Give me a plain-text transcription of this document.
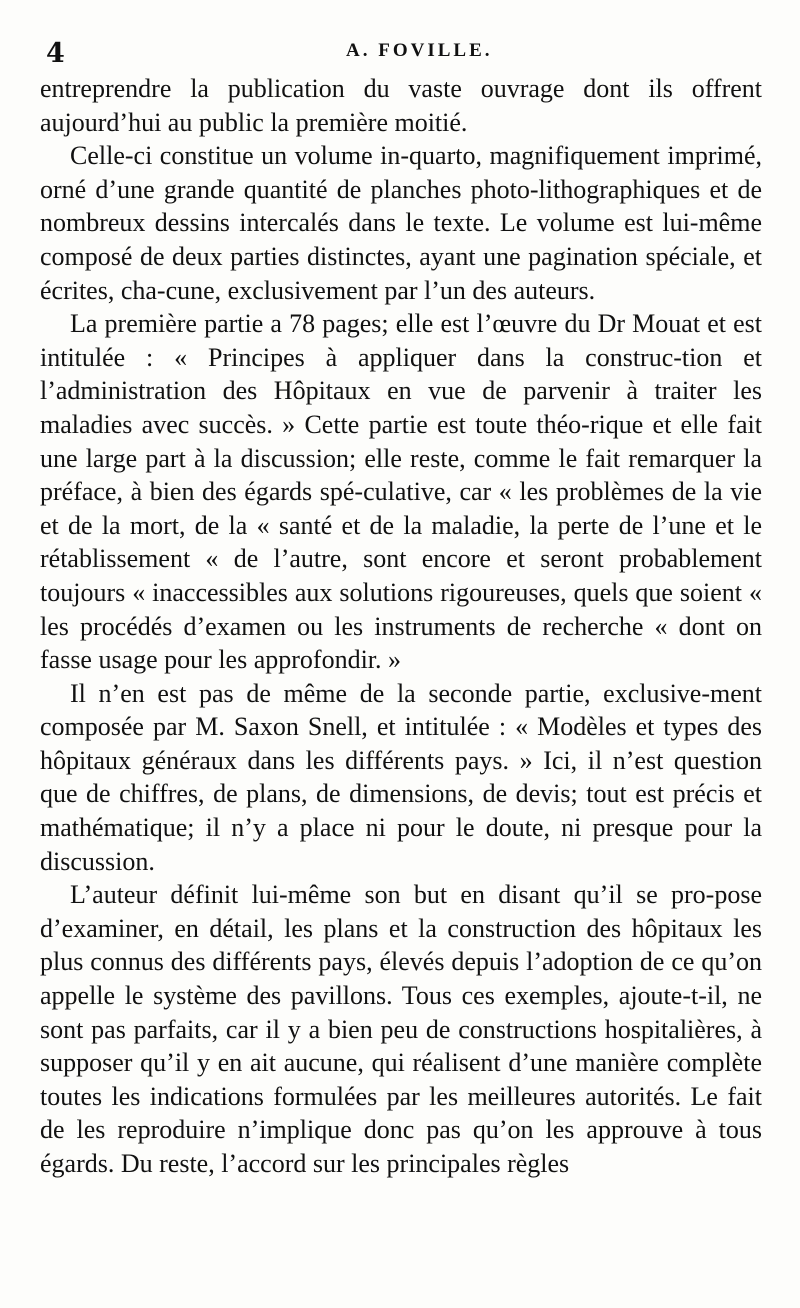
4	A. FOVILLE.

entreprendre la publication du vaste ouvrage dont ils offrent aujourd’hui au public la première moitié.

Celle-ci constitue un volume in-quarto, magnifiquement imprimé, orné d’une grande quantité de planches photo-lithographiques et de nombreux dessins intercalés dans le texte. Le volume est lui-même composé de deux parties distinctes, ayant une pagination spéciale, et écrites, cha-cune, exclusivement par l’un des auteurs.

La première partie a 78 pages; elle est l’œuvre du Dr Mouat et est intitulée : « Principes à appliquer dans la construc-tion et l’administration des Hôpitaux en vue de parvenir à traiter les maladies avec succès. » Cette partie est toute théo-rique et elle fait une large part à la discussion; elle reste, comme le fait remarquer la préface, à bien des égards spé-culative, car « les problèmes de la vie et de la mort, de la « santé et de la maladie, la perte de l’une et le rétablissement « de l’autre, sont encore et seront probablement toujours « inaccessibles aux solutions rigoureuses, quels que soient « les procédés d’examen ou les instruments de recherche « dont on fasse usage pour les approfondir. »

Il n’en est pas de même de la seconde partie, exclusive-ment composée par M. Saxon Snell, et intitulée : « Modèles et types des hôpitaux généraux dans les différents pays. » Ici, il n’est question que de chiffres, de plans, de dimensions, de devis; tout est précis et mathématique; il n’y a place ni pour le doute, ni presque pour la discussion.

L’auteur définit lui-même son but en disant qu’il se pro-pose d’examiner, en détail, les plans et la construction des hôpitaux les plus connus des différents pays, élevés depuis l’adoption de ce qu’on appelle le système des pavillons. Tous ces exemples, ajoute-t-il, ne sont pas parfaits, car il y a bien peu de constructions hospitalières, à supposer qu’il y en ait aucune, qui réalisent d’une manière complète toutes les indications formulées par les meilleures autorités. Le fait de les reproduire n’implique donc pas qu’on les approuve à tous égards. Du reste, l’accord sur les principales règles
